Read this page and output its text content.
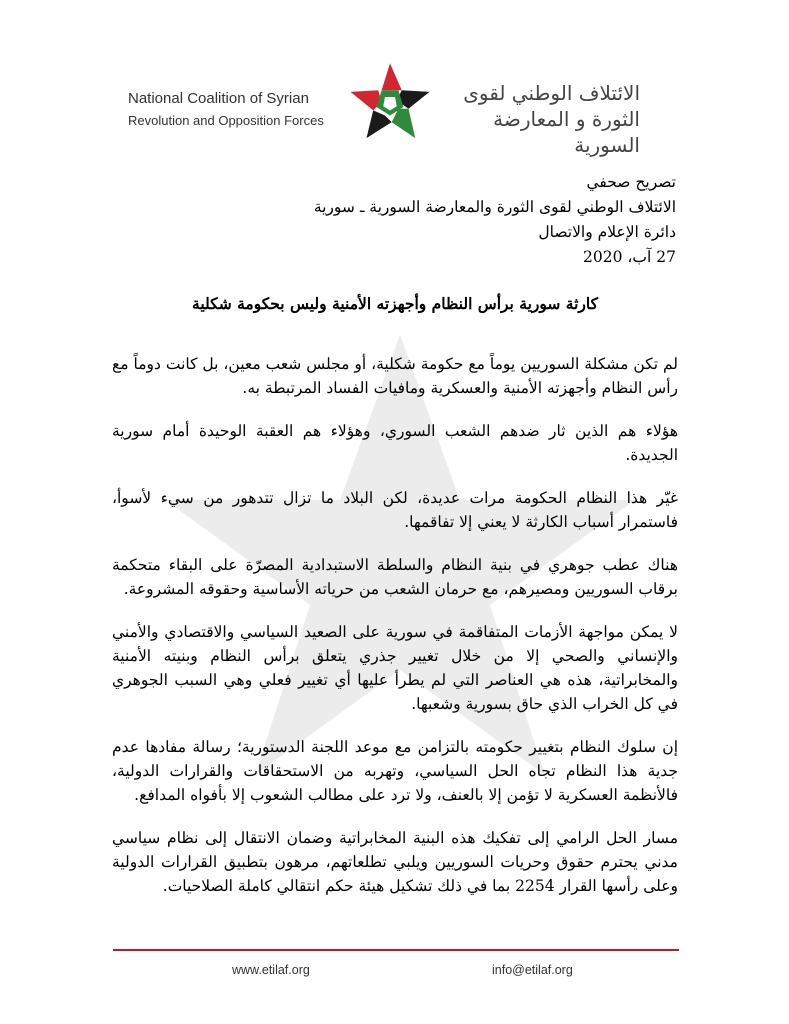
National Coalition of Syrian
Revolution and Opposition Forces
الائتلاف الوطني لقوى
الثورة و المعارضة السورية
تصريح صحفي
الائتلاف الوطني لقوى الثورة والمعارضة السورية ـ سورية
دائرة الإعلام والاتصال
27 آب، 2020
كارثة سورية برأس النظام وأجهزته الأمنية وليس بحكومة شكلية

لم تكن مشكلة السوريين يوماً مع حكومة شكلية، أو مجلس شعب معين، بل كانت دوماً مع رأس النظام وأجهزته الأمنية والعسكرية ومافيات الفساد المرتبطة به.

هؤلاء هم الذين ثار ضدهم الشعب السوري، وهؤلاء هم العقبة الوحيدة أمام سورية الجديدة.

غيّر هذا النظام الحكومة مرات عديدة، لكن البلاد ما تزال تتدهور من سيء لأسوأ، فاستمرار أسباب الكارثة لا يعني إلا تفاقمها.

هناك عطب جوهري في بنية النظام والسلطة الاستبدادية المصرّة على البقاء متحكمة برقاب السوريين ومصيرهم، مع حرمان الشعب من حرياته الأساسية وحقوقه المشروعة.

لا يمكن مواجهة الأزمات المتفاقمة في سورية على الصعيد السياسي والاقتصادي والأمني والإنساني والصحي إلا من خلال تغيير جذري يتعلق برأس النظام وبنيته الأمنية والمخابراتية، هذه هي العناصر التي لم يطرأ عليها أي تغيير فعلي وهي السبب الجوهري في كل الخراب الذي حاق بسورية وشعبها.

إن سلوك النظام بتغيير حكومته بالتزامن مع موعد اللجنة الدستورية؛ رسالة مفادها عدم جدية هذا النظام تجاه الحل السياسي، وتهربه من الاستحقاقات والقرارات الدولية، فالأنظمة العسكرية لا تؤمن إلا بالعنف، ولا ترد على مطالب الشعوب إلا بأفواه المدافع.

مسار الحل الرامي إلى تفكيك هذه البنية المخابراتية وضمان الانتقال إلى نظام سياسي مدني يحترم حقوق وحريات السوريين ويلبي تطلعاتهم، مرهون بتطبيق القرارات الدولية وعلى رأسها القرار 2254 بما في ذلك تشكيل هيئة حكم انتقالي كاملة الصلاحيات.

www.etilaf.org	info@etilaf.org
